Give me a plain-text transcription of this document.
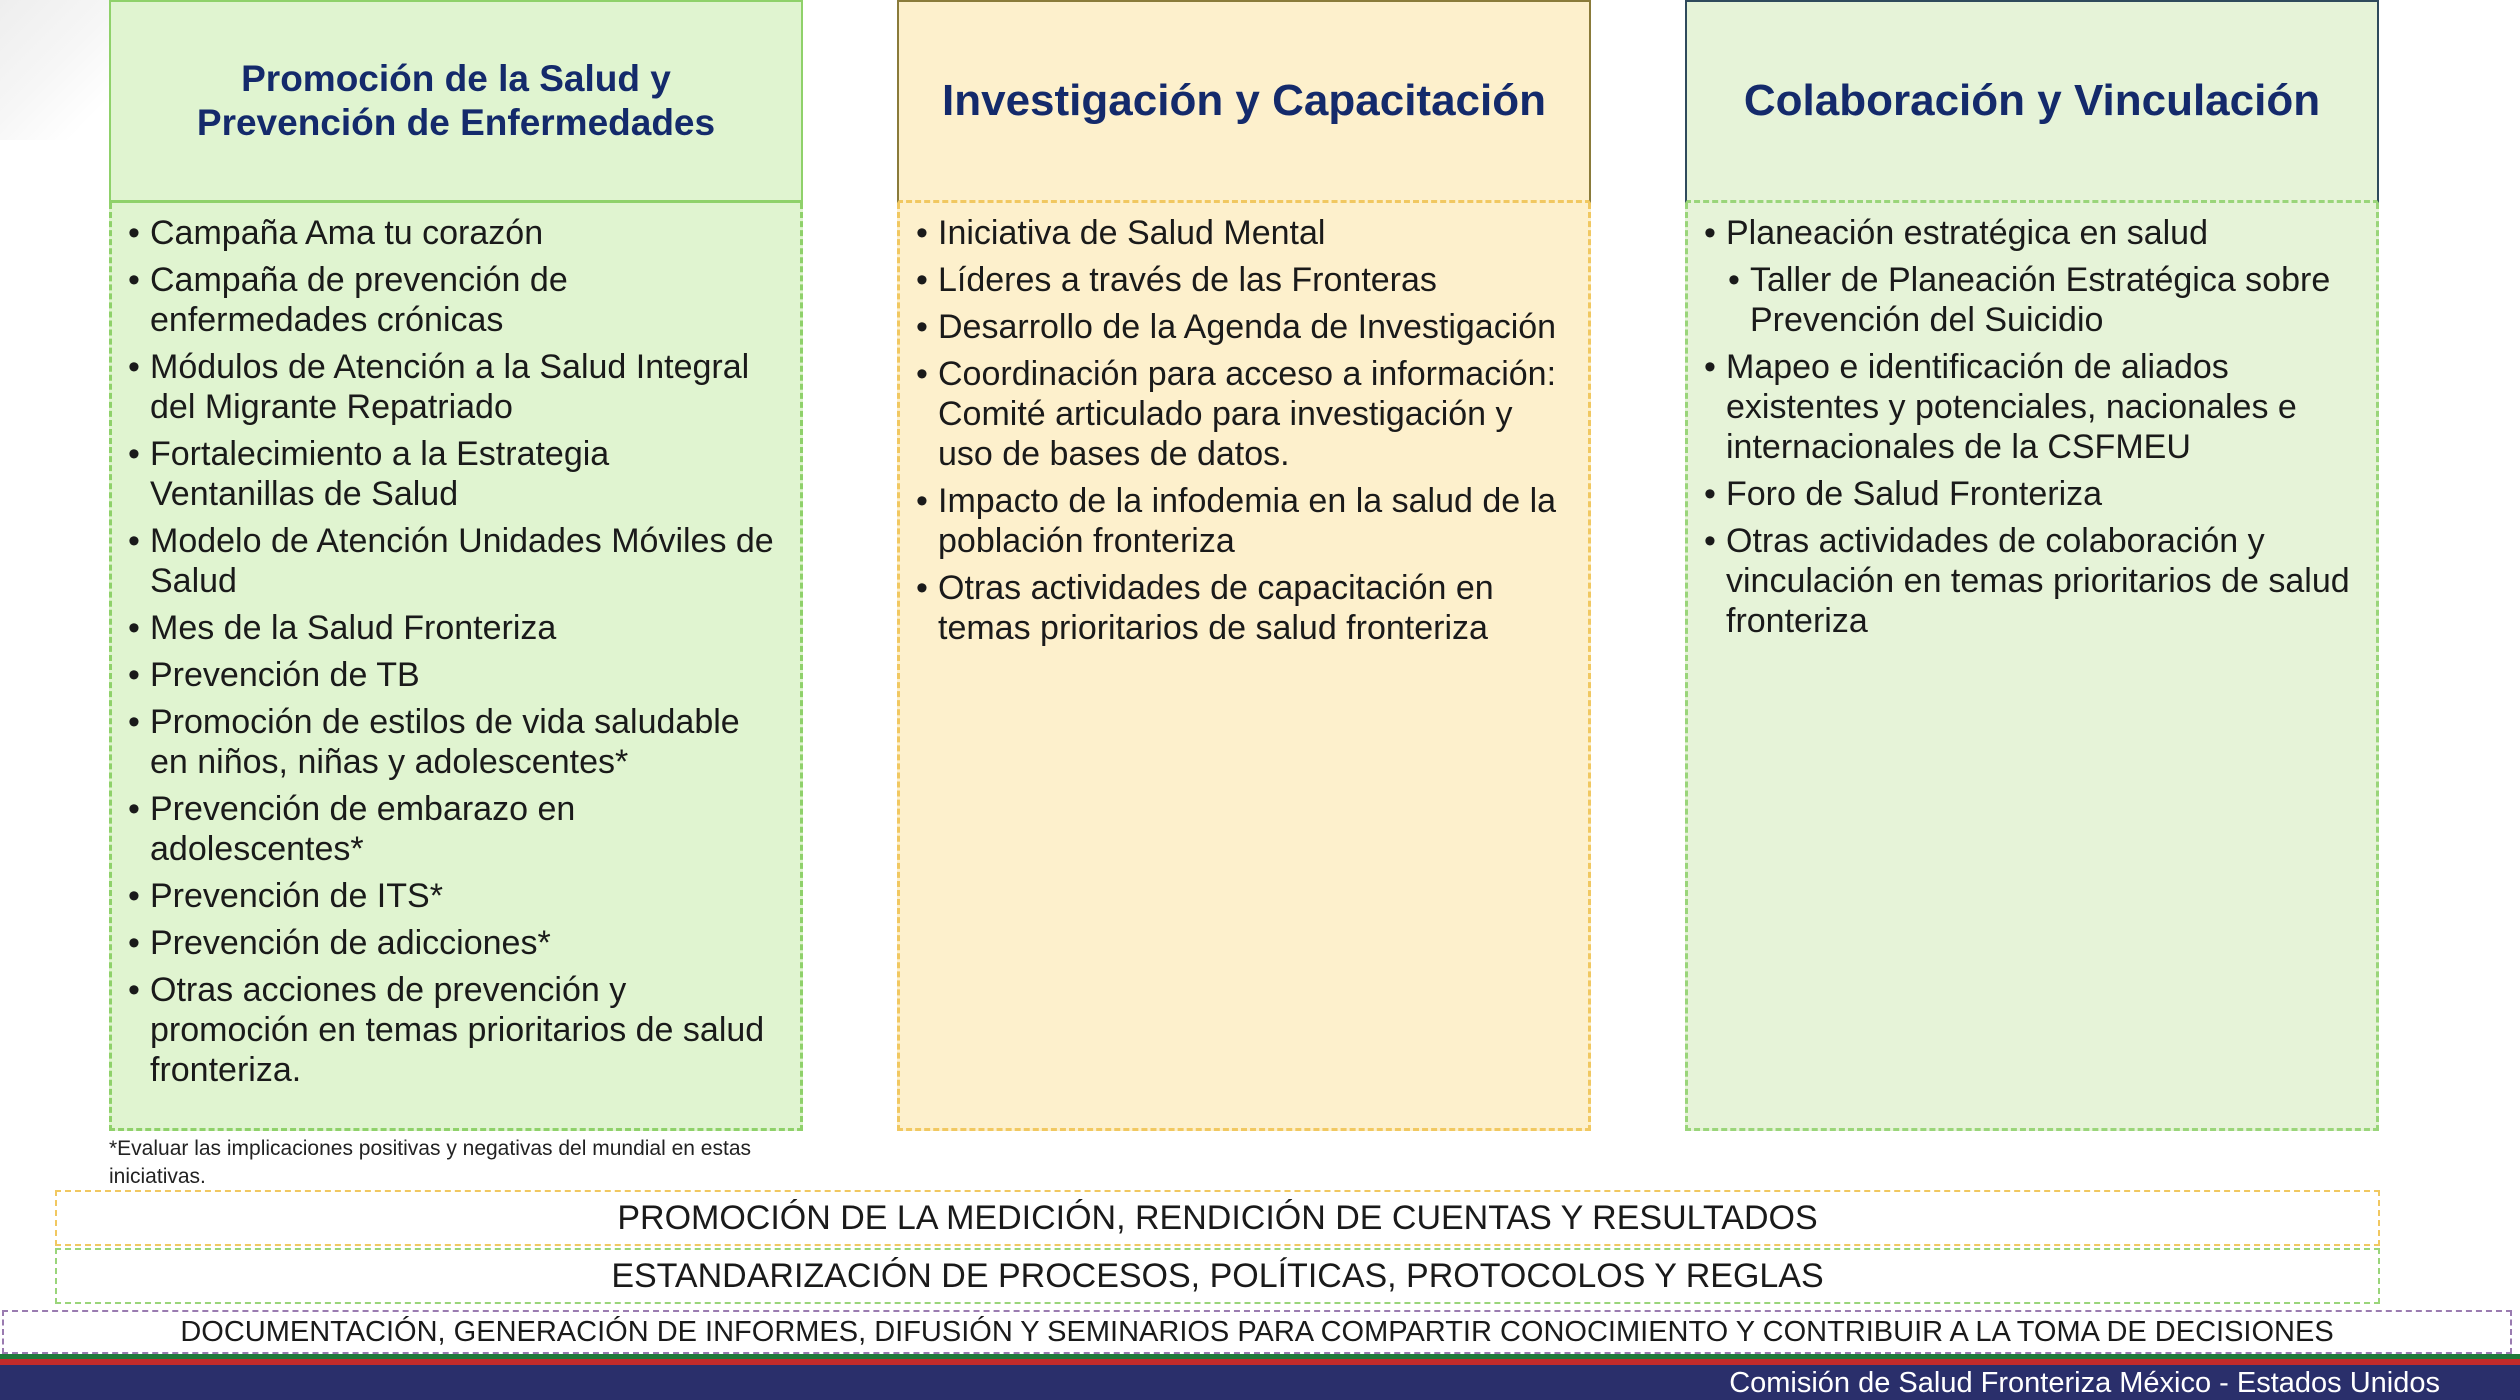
Promoción de la Salud y
Prevención de Enfermedades
• Campaña Ama tu corazón
• Campaña de prevención de enfermedades crónicas
• Módulos de Atención a la Salud Integral del Migrante Repatriado
• Fortalecimiento a la Estrategia Ventanillas de Salud
• Modelo de Atención Unidades Móviles de Salud
• Mes de la Salud Fronteriza
• Prevención de TB
• Promoción de estilos de vida saludable en niños, niñas y adolescentes*
• Prevención de embarazo en adolescentes*
• Prevención de ITS*
• Prevención de adicciones*
• Otras acciones de prevención y promoción en temas prioritarios de salud fronteriza.
Investigación y Capacitación
• Iniciativa de Salud Mental
• Líderes a través de las Fronteras
• Desarrollo de la Agenda de Investigación
• Coordinación para acceso a información: Comité articulado para investigación y uso de bases de datos.
• Impacto de la infodemia en la salud de la población fronteriza
• Otras actividades de capacitación en temas prioritarios de salud fronteriza
Colaboración y Vinculación
• Planeación estratégica en salud
• Taller de Planeación Estratégica sobre Prevención del Suicidio
• Mapeo e identificación de aliados existentes y potenciales, nacionales e internacionales de la CSFMEU
• Foro de Salud Fronteriza
• Otras actividades de colaboración y vinculación en temas prioritarios de salud fronteriza
*Evaluar las implicaciones positivas y negativas del mundial en estas iniciativas.
PROMOCIÓN DE LA MEDICIÓN, RENDICIÓN DE CUENTAS Y RESULTADOS
ESTANDARIZACIÓN DE PROCESOS, POLÍTICAS, PROTOCOLOS Y REGLAS
DOCUMENTACIÓN, GENERACIÓN DE INFORMES, DIFUSIÓN Y SEMINARIOS PARA COMPARTIR CONOCIMIENTO Y CONTRIBUIR A LA TOMA DE DECISIONES
Comisión de Salud Fronteriza México - Estados Unidos
